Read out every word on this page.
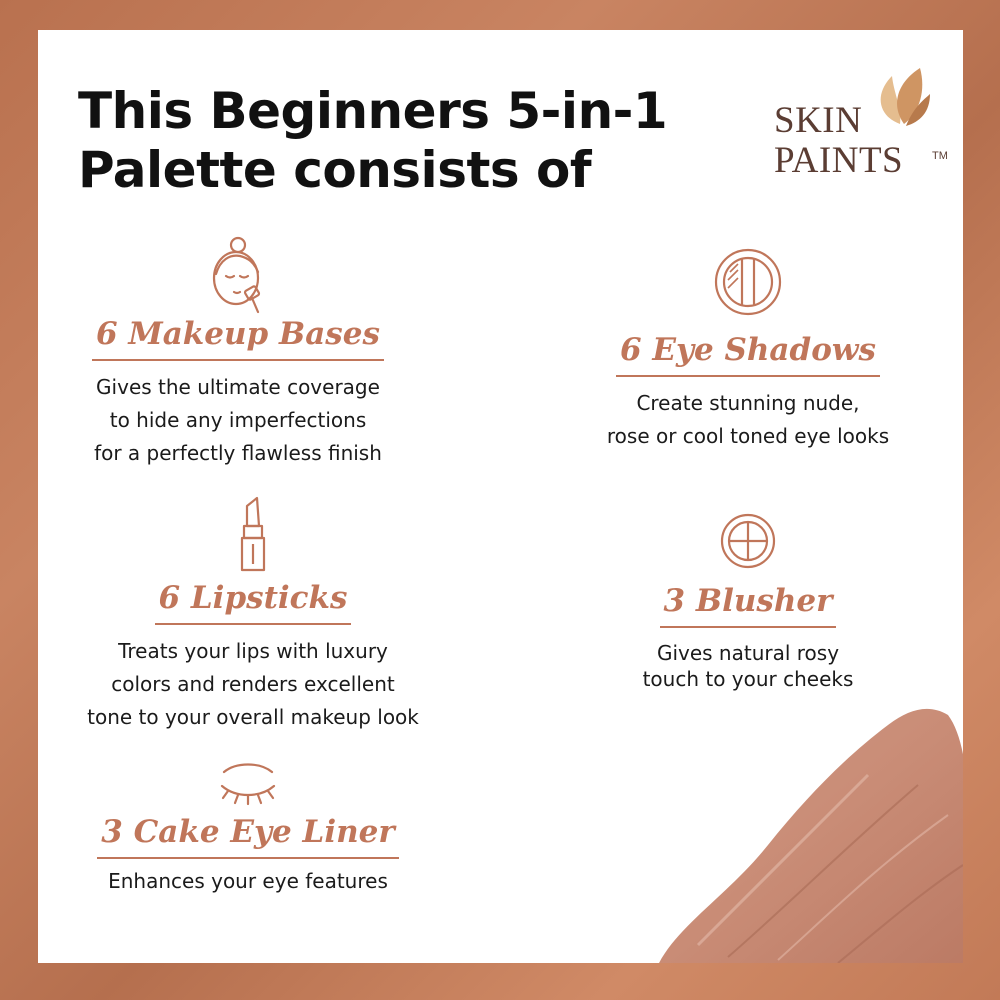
This Beginners 5-in-1
Palette consists of
SKIN
PAINTS	TM
6 Makeup Bases

Gives the ultimate coverage
to hide any imperfections
for a perfectly flawless finish

6 Eye Shadows

Create stunning nude,
rose or cool toned eye looks

6 Lipsticks

Treats your lips with luxury
colors and renders excellent
tone to your overall makeup look

3 Blusher

Gives natural rosy
touch to your cheeks

3 Cake Eye Liner

Enhances your eye features
